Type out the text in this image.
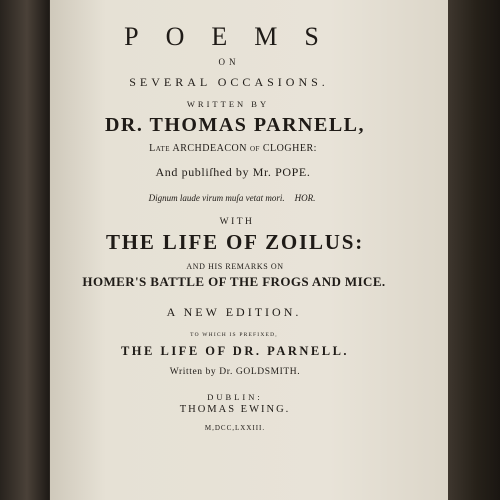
POEMS
ON
SEVERAL OCCASIONS.
WRITTEN BY
DR. THOMAS PARNELL,
Late ARCHDEACON of CLOGHER:
And publiſhed by Mr. POPE.
Dignum laude virum muſa vetat mori. HOR.
WITH
THE LIFE OF ZOILUS:
AND HIS REMARKS ON
HOMER'S BATTLE OF THE FROGS AND MICE.
A NEW EDITION.
TO WHICH IS PREFIXED,
THE LIFE OF DR. PARNELL.
Written by Dr. GOLDSMITH.
DUBLIN:
THOMAS EWING.
M,DCC,LXXIII.
